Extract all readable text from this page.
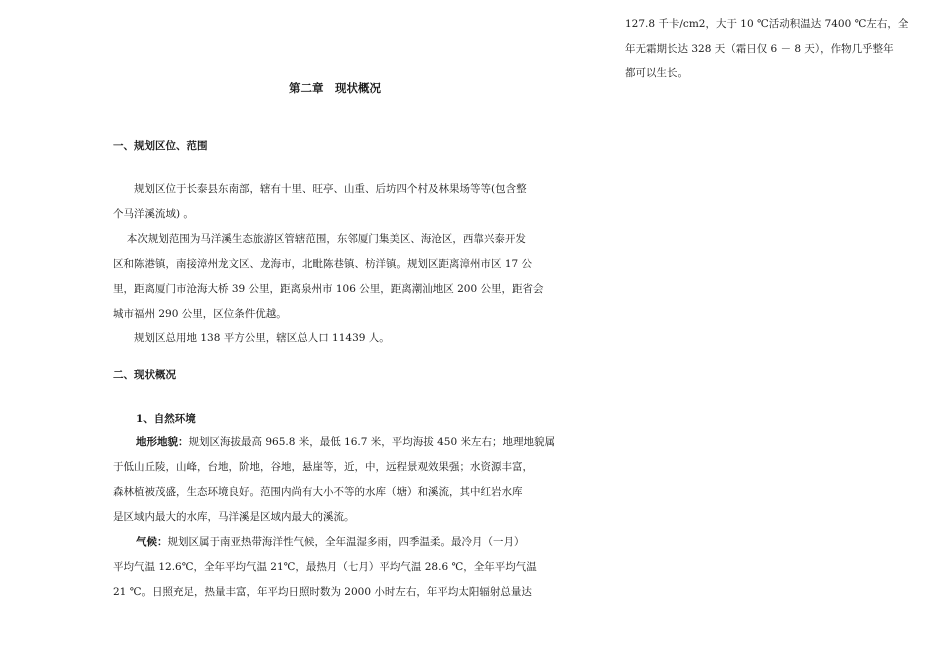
127.8 千卡/cm2，大于 10 ℃活动积温达 7400 ℃左右，全
年无霜期长达 328 天（霜日仅 6 － 8 天），作物几乎整年
都可以生长。
第二章　现状概况
一、规划区位、范围
　　规划区位于长泰县东南部，辖有十里、旺亭、山重、后坊四个村及林果场等等(包含整
个马洋溪流域) 。
　 本次规划范围为马洋溪生态旅游区管辖范围，东邻厦门集美区、海沧区，西靠兴泰开发
区和陈港镇，南接漳州龙文区、龙海市，北毗陈巷镇、枋洋镇。规划区距离漳州市区 17 公
里，距离厦门市沧海大桥 39 公里，距离泉州市 106 公里，距离潮汕地区 200 公里，距省会
城市福州 290 公里，区位条件优越。
　　规划区总用地 138 平方公里，辖区总人口 11439 人。
二、现状概况
1、自然环境
地形地貌：规划区海拔最高 965.8 米，最低 16.7 米，平均海拔 450 米左右；地理地貌属
于低山丘陵，山峰，台地，阶地，谷地，悬崖等，近，中，远程景观效果强；水资源丰富，
森林植被茂盛，生态环境良好。范围内尚有大小不等的水库（塘）和溪流，其中红岩水库
是区域内最大的水库，马洋溪是区域内最大的溪流。
气候：规划区属于南亚热带海洋性气候，全年温湿多雨，四季温柔。最冷月（一月）
平均气温 12.6℃，全年平均气温 21℃，最热月（七月）平均气温 28.6 ℃，全年平均气温
21 ℃。日照充足，热量丰富，年平均日照时数为 2000 小时左右，年平均太阳辐射总量达
